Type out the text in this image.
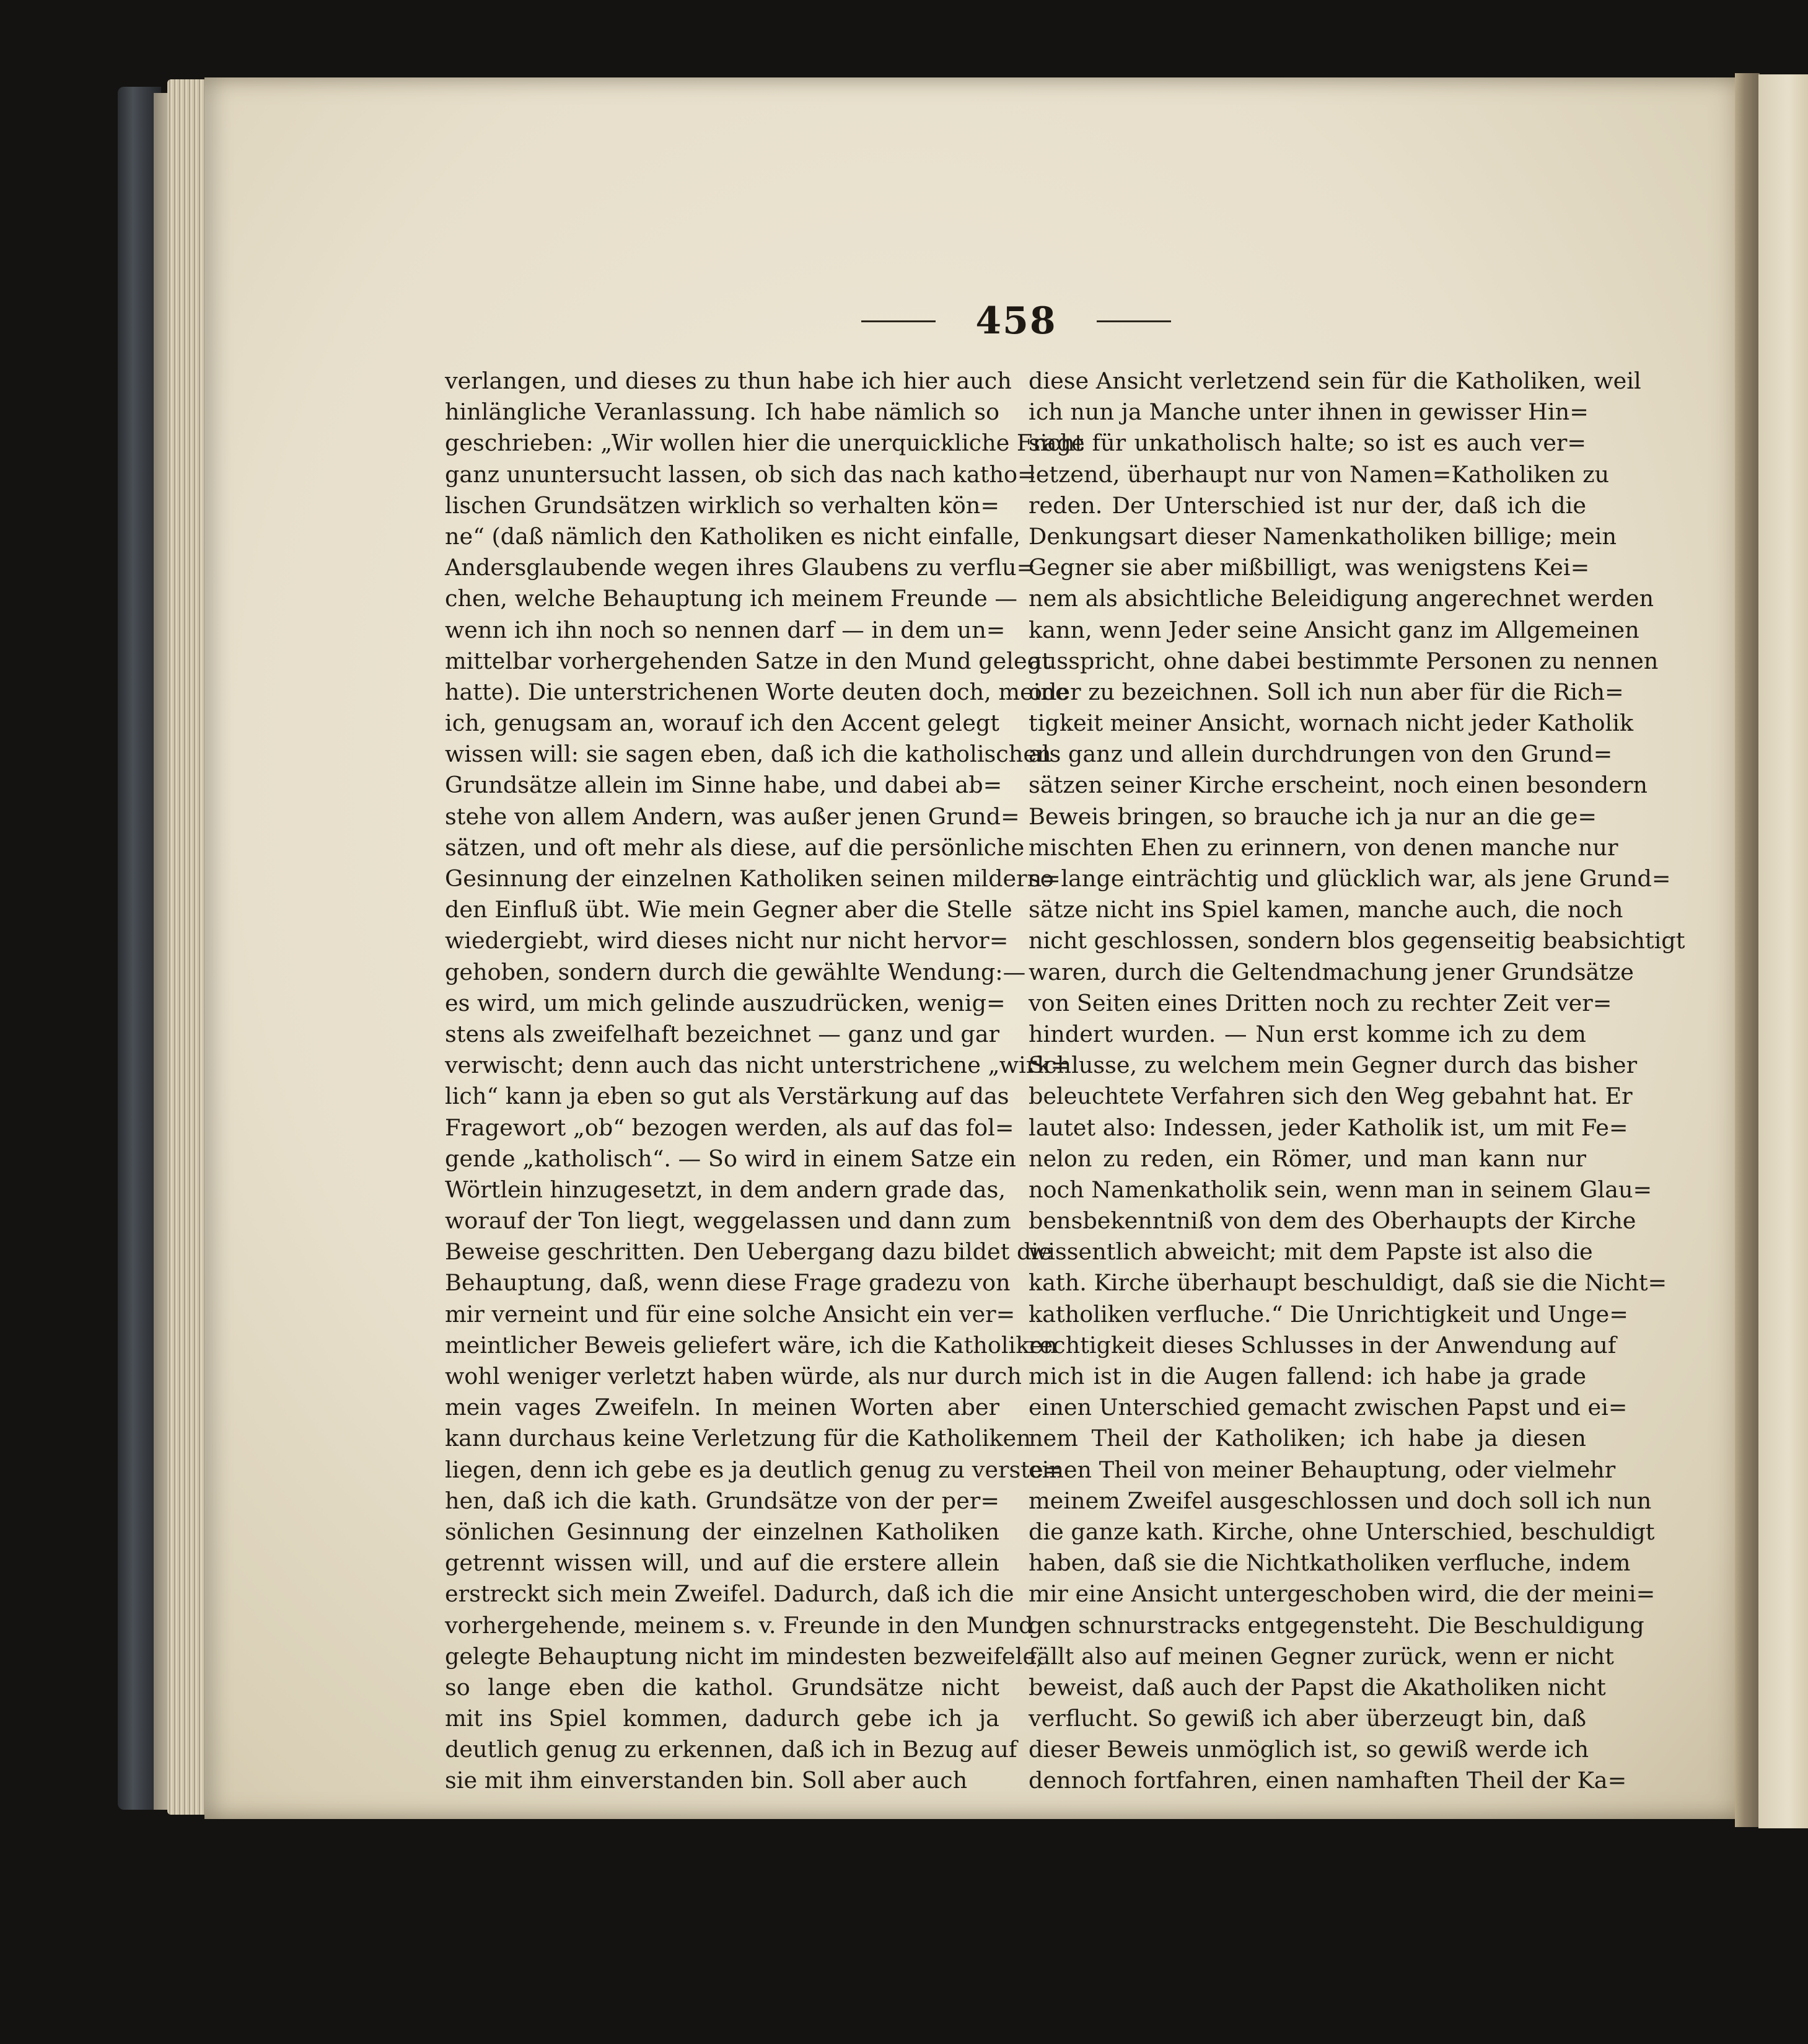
458
verlangen, und dieses zu thun habe ich hier auch
hinlängliche Veranlassung. Ich habe nämlich so
geschrieben: „Wir wollen hier die unerquickliche Frage
ganz ununtersucht lassen, ob sich das nach katho=
lischen Grundsätzen wirklich so verhalten kön=
ne“ (daß nämlich den Katholiken es nicht einfalle,
Andersglaubende wegen ihres Glaubens zu verflu=
chen, welche Behauptung ich meinem Freunde —
wenn ich ihn noch so nennen darf — in dem un=
mittelbar vorhergehenden Satze in den Mund gelegt
hatte). Die unterstrichenen Worte deuten doch, meine
ich, genugsam an, worauf ich den Accent gelegt
wissen will: sie sagen eben, daß ich die katholischen
Grundsätze allein im Sinne habe, und dabei ab=
stehe von allem Andern, was außer jenen Grund=
sätzen, und oft mehr als diese, auf die persönliche
Gesinnung der einzelnen Katholiken seinen mildern=
den Einfluß übt. Wie mein Gegner aber die Stelle
wiedergiebt, wird dieses nicht nur nicht hervor=
gehoben, sondern durch die gewählte Wendung:—
es wird, um mich gelinde auszudrücken, wenig=
stens als zweifelhaft bezeichnet — ganz und gar
verwischt; denn auch das nicht unterstrichene „wirk=
lich“ kann ja eben so gut als Verstärkung auf das
Fragewort „ob“ bezogen werden, als auf das fol=
gende „katholisch“. — So wird in einem Satze ein
Wörtlein hinzugesetzt, in dem andern grade das,
worauf der Ton liegt, weggelassen und dann zum
Beweise geschritten. Den Uebergang dazu bildet die
Behauptung, daß, wenn diese Frage gradezu von
mir verneint und für eine solche Ansicht ein ver=
meintlicher Beweis geliefert wäre, ich die Katholiken
wohl weniger verletzt haben würde, als nur durch
mein vages Zweifeln. In meinen Worten aber
kann durchaus keine Verletzung für die Katholiken
liegen, denn ich gebe es ja deutlich genug zu verste=
hen, daß ich die kath. Grundsätze von der per=
sönlichen Gesinnung der einzelnen Katholiken
getrennt wissen will, und auf die erstere allein
erstreckt sich mein Zweifel. Dadurch, daß ich die
vorhergehende, meinem s. v. Freunde in den Mund
gelegte Behauptung nicht im mindesten bezweifele,
so lange eben die kathol. Grundsätze nicht
mit ins Spiel kommen, dadurch gebe ich ja
deutlich genug zu erkennen, daß ich in Bezug auf
sie mit ihm einverstanden bin. Soll aber auch
diese Ansicht verletzend sein für die Katholiken, weil
ich nun ja Manche unter ihnen in gewisser Hin=
sicht für unkatholisch halte; so ist es auch ver=
letzend, überhaupt nur von Namen=Katholiken zu
reden. Der Unterschied ist nur der, daß ich die
Denkungsart dieser Namenkatholiken billige; mein
Gegner sie aber mißbilligt, was wenigstens Kei=
nem als absichtliche Beleidigung angerechnet werden
kann, wenn Jeder seine Ansicht ganz im Allgemeinen
ausspricht, ohne dabei bestimmte Personen zu nennen
oder zu bezeichnen. Soll ich nun aber für die Rich=
tigkeit meiner Ansicht, wornach nicht jeder Katholik
als ganz und allein durchdrungen von den Grund=
sätzen seiner Kirche erscheint, noch einen besondern
Beweis bringen, so brauche ich ja nur an die ge=
mischten Ehen zu erinnern, von denen manche nur
so lange einträchtig und glücklich war, als jene Grund=
sätze nicht ins Spiel kamen, manche auch, die noch
nicht geschlossen, sondern blos gegenseitig beabsichtigt
waren, durch die Geltendmachung jener Grundsätze
von Seiten eines Dritten noch zu rechter Zeit ver=
hindert wurden. — Nun erst komme ich zu dem
Schlusse, zu welchem mein Gegner durch das bisher
beleuchtete Verfahren sich den Weg gebahnt hat. Er
lautet also: Indessen, jeder Katholik ist, um mit Fe=
nelon zu reden, ein Römer, und man kann nur
noch Namenkatholik sein, wenn man in seinem Glau=
bensbekenntniß von dem des Oberhaupts der Kirche
wissentlich abweicht; mit dem Papste ist also die
kath. Kirche überhaupt beschuldigt, daß sie die Nicht=
katholiken verfluche.“ Die Unrichtigkeit und Unge=
rechtigkeit dieses Schlusses in der Anwendung auf
mich ist in die Augen fallend: ich habe ja grade
einen Unterschied gemacht zwischen Papst und ei=
nem Theil der Katholiken; ich habe ja diesen
einen Theil von meiner Behauptung, oder vielmehr
meinem Zweifel ausgeschlossen und doch soll ich nun
die ganze kath. Kirche, ohne Unterschied, beschuldigt
haben, daß sie die Nichtkatholiken verfluche, indem
mir eine Ansicht untergeschoben wird, die der meini=
gen schnurstracks entgegensteht. Die Beschuldigung
fällt also auf meinen Gegner zurück, wenn er nicht
beweist, daß auch der Papst die Akatholiken nicht
verflucht. So gewiß ich aber überzeugt bin, daß
dieser Beweis unmöglich ist, so gewiß werde ich
dennoch fortfahren, einen namhaften Theil der Ka=
